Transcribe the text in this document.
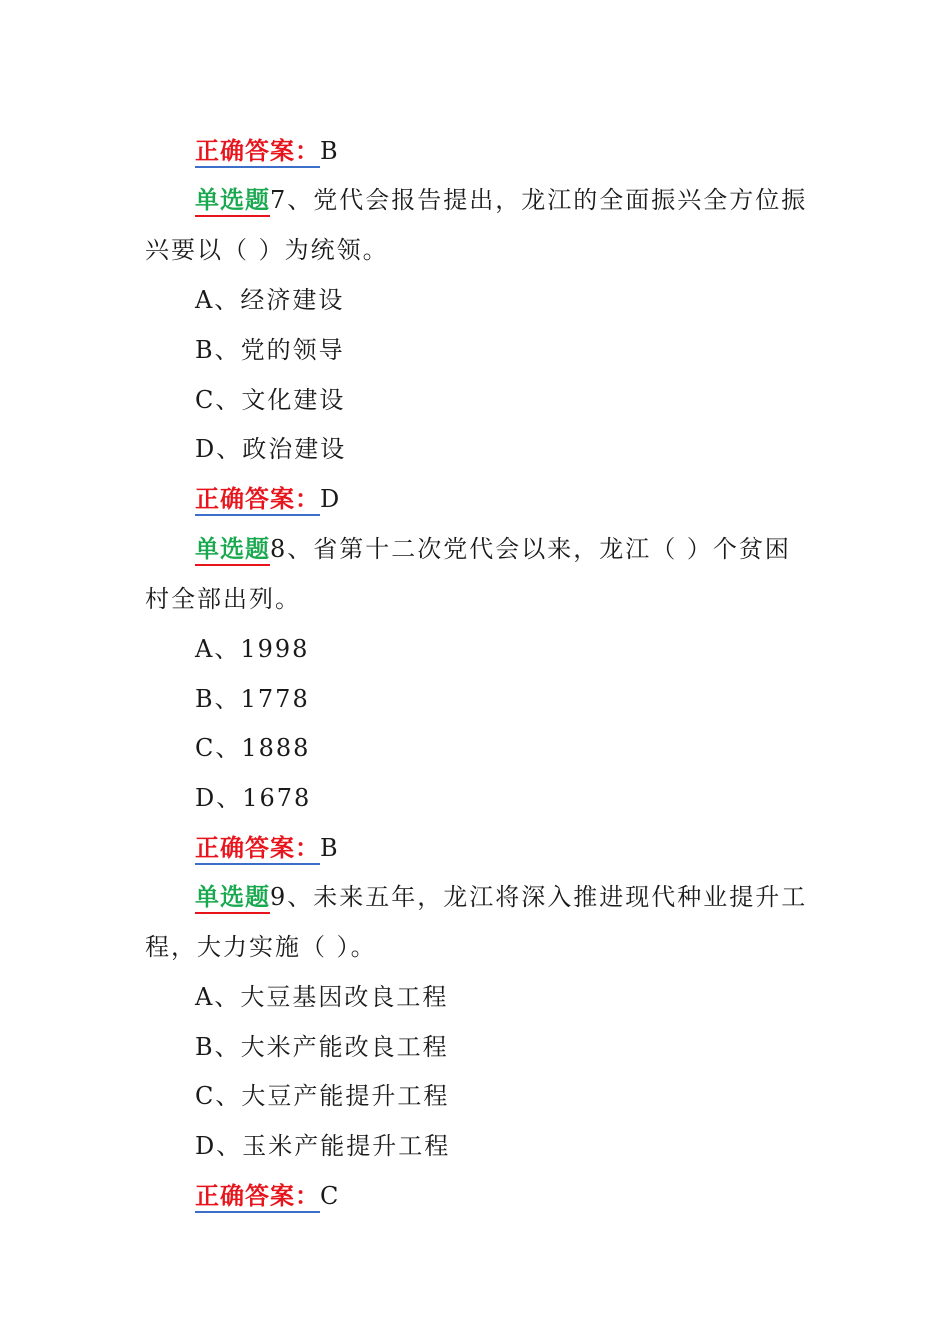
正确答案：B
单选题7、党代会报告提出，龙江的全面振兴全方位振
兴要以（ ）为统领。
A、经济建设
B、党的领导
C、文化建设
D、政治建设
正确答案：D
单选题8、省第十二次党代会以来，龙江（ ）个贫困
村全部出列。
A、1998
B、1778
C、1888
D、1678
正确答案：B
单选题9、未来五年，龙江将深入推进现代种业提升工
程，大力实施（ ）。
A、大豆基因改良工程
B、大米产能改良工程
C、大豆产能提升工程
D、玉米产能提升工程
正确答案：C
